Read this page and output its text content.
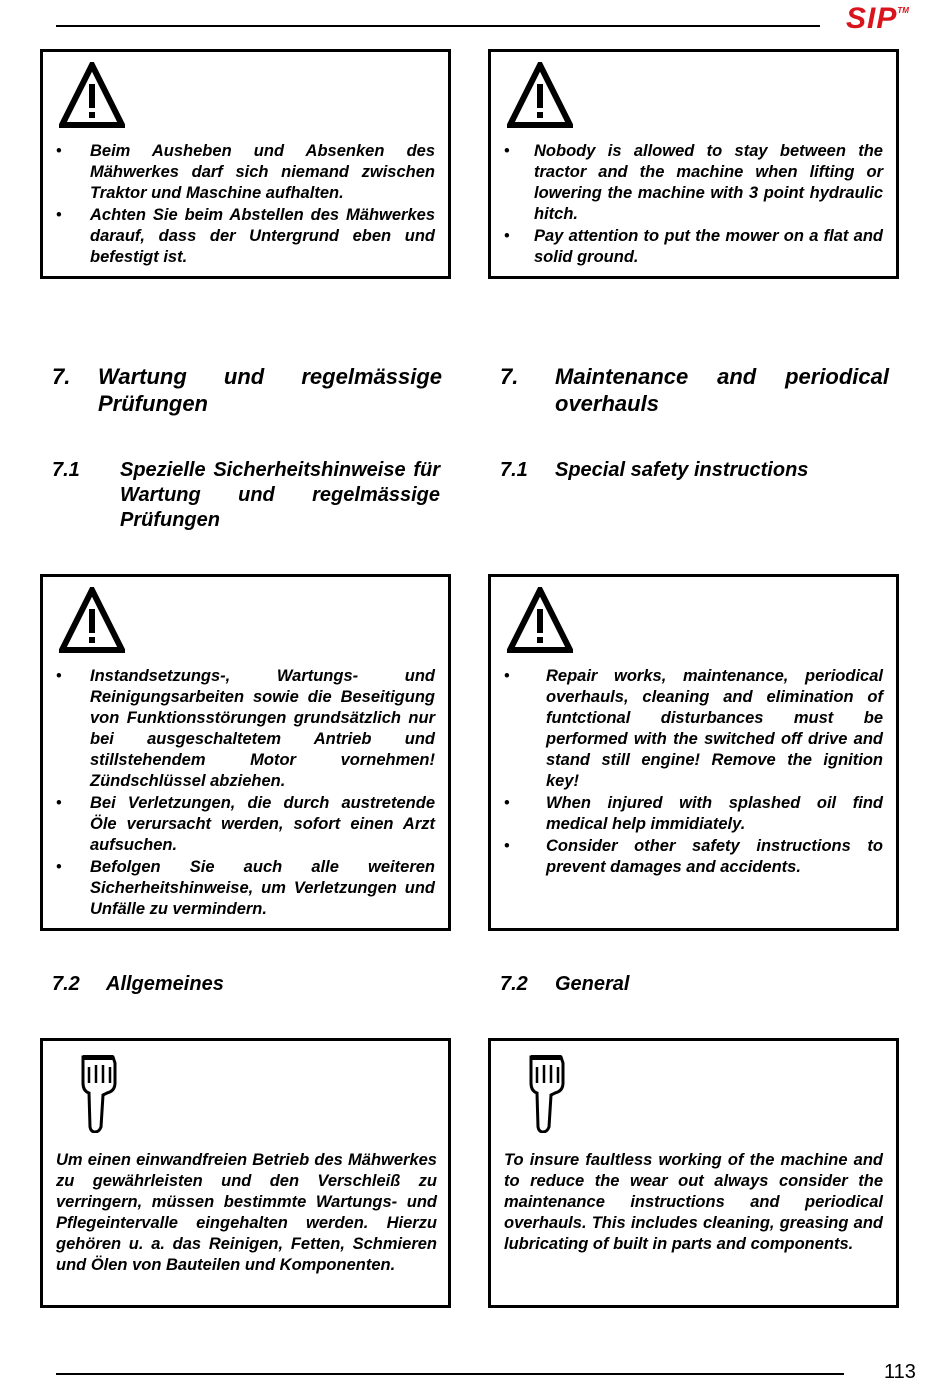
SIP™
• Beim Ausheben und Absenken des Mähwerkes darf sich niemand zwischen Traktor und Maschine aufhalten.
• Achten Sie beim Abstellen des Mähwerkes darauf, dass der Untergrund eben und befestigt ist.
• Nobody is allowed to stay between the tractor and the machine when lifting or lowering the machine with 3 point hydraulic hitch.
• Pay attention to put the mower on a flat and solid ground.
7. Wartung und regelmässige Prüfungen
7. Maintenance and periodical overhauls
7.1 Spezielle Sicherheitshinweise für Wartung und regelmässige Prüfungen
7.1 Special safety instructions
• Instandsetzungs-, Wartungs- und Reinigungsarbeiten sowie die Beseitigung von Funktionsstörungen grundsätzlich nur bei ausgeschaltetem Antrieb und stillstehendem Motor vornehmen! Zündschlüssel abziehen.
• Bei Verletzungen, die durch austretende Öle verursacht werden, sofort einen Arzt aufsuchen.
• Befolgen Sie auch alle weiteren Sicherheitshinweise, um Verletzungen und Unfälle zu vermindern.
• Repair works, maintenance, periodical overhauls, cleaning and elimination of funtctional disturbances must be performed with the switched off drive and stand still engine! Remove the ignition key!
• When injured with splashed oil find medical help immidiately.
• Consider other safety instructions to prevent damages and accidents.
7.2 Allgemeines	7.2 General

Um einen einwandfreien Betrieb des Mähwerkes zu gewährleisten und den Verschleiß zu verringern, müssen bestimmte Wartungs- und Pflegeintervalle eingehalten werden. Hierzu gehören u. a. das Reinigen, Fetten, Schmieren und Ölen von Bauteilen und Komponenten.

To insure faultless working of the machine and to reduce the wear out always consider the maintenance instructions and periodical overhauls. This includes cleaning, greasing and lubricating of built in parts and components.

113
